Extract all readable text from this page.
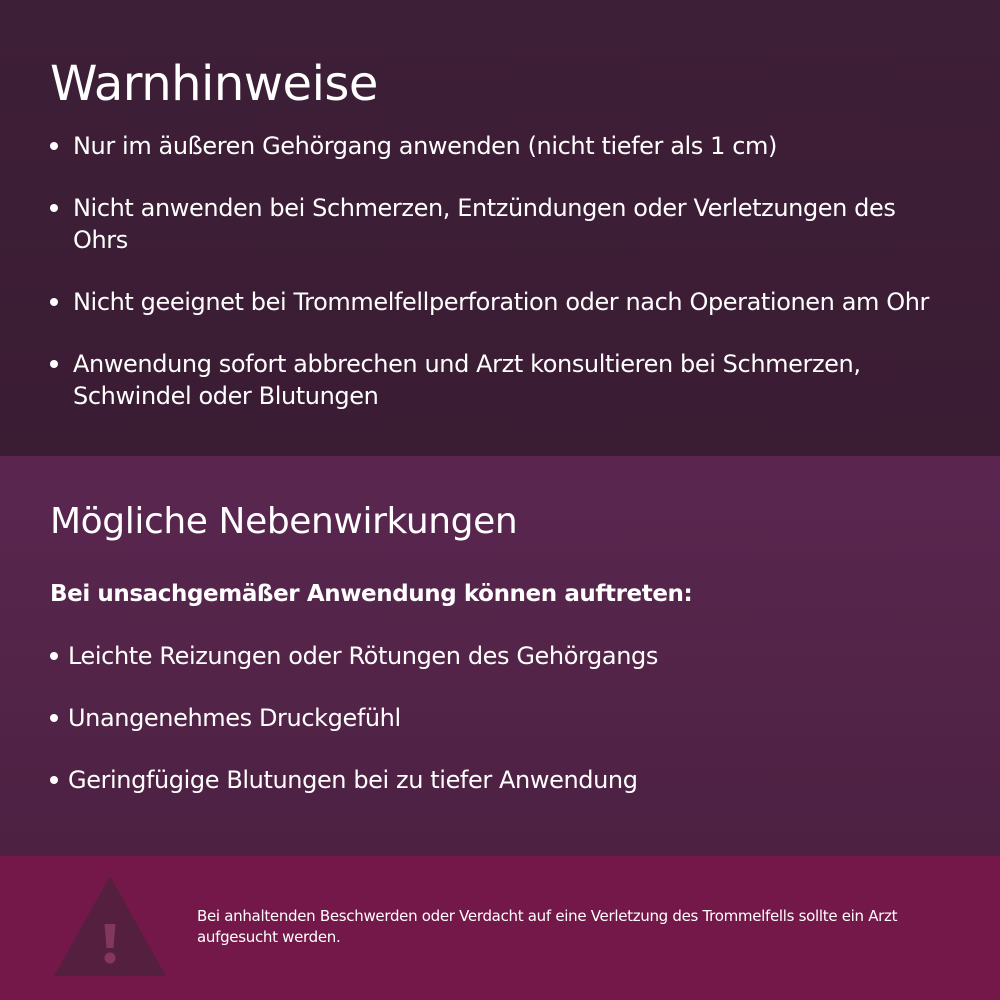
Warnhinweise
Nur im äußeren Gehörgang anwenden (nicht tiefer als 1 cm)
Nicht anwenden bei Schmerzen, Entzündungen oder Verletzungen des Ohrs
Nicht geeignet bei Trommelfellperforation oder nach Operationen am Ohr
Anwendung sofort abbrechen und Arzt konsultieren bei Schmerzen, Schwindel oder Blutungen
Mögliche Nebenwirkungen
Bei unsachgemäßer Anwendung können auftreten:
Leichte Reizungen oder Rötungen des Gehörgangs
Unangenehmes Druckgefühl
Geringfügige Blutungen bei zu tiefer Anwendung
Bei anhaltenden Beschwerden oder Verdacht auf eine Verletzung des Trommelfells sollte ein Arzt aufgesucht werden.
